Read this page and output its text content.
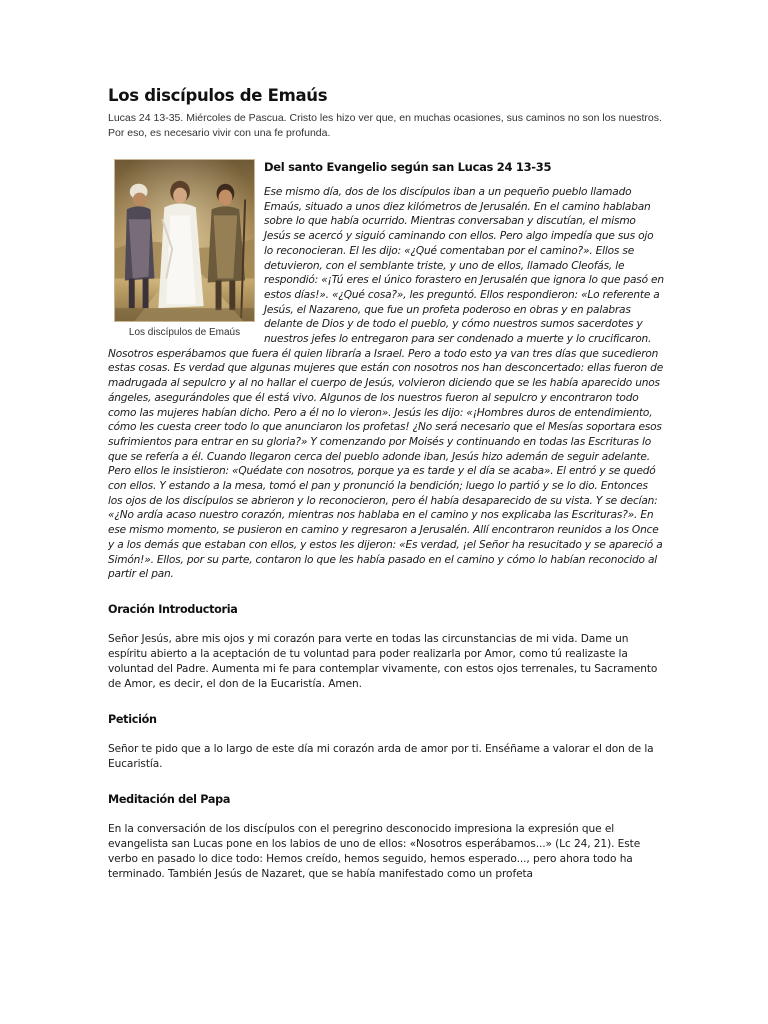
Los discípulos de Emaús

Lucas 24 13-35. Miércoles de Pascua. Cristo les hizo ver que, en muchas ocasiones, sus caminos no son los nuestros. Por eso, es necesario vivir con una fe profunda.

Los discípulos de Emaús
Del santo Evangelio según san Lucas 24 13-35

Ese mismo día, dos de los discípulos iban a un pequeño pueblo llamado Emaús, situado a unos diez kilómetros de Jerusalén. En el camino hablaban sobre lo que había ocurrido. Mientras conversaban y discutían, el mismo Jesús se acercó y siguió caminando con ellos. Pero algo impedía que sus ojo lo reconocieran. El les dijo: «¿Qué comentaban por el camino?». Ellos se detuvieron, con el semblante triste, y uno de ellos, llamado Cleofás, le respondió: «¡Tú eres el único forastero en Jerusalén que ignora lo que pasó en estos días!». «¿Qué cosa?», les preguntó. Ellos respondieron: «Lo referente a Jesús, el Nazareno, que fue un profeta poderoso en obras y en palabras delante de Dios y de todo el pueblo, y cómo nuestros sumos sacerdotes y nuestros jefes lo entregaron para ser condenado a muerte y lo crucificaron. Nosotros esperábamos que fuera él quien libraría a Israel. Pero a todo esto ya van tres días que sucedieron estas cosas. Es verdad que algunas mujeres que están con nosotros nos han desconcertado: ellas fueron de madrugada al sepulcro y al no hallar el cuerpo de Jesús, volvieron diciendo que se les había aparecido unos ángeles, asegurándoles que él está vivo. Algunos de los nuestros fueron al sepulcro y encontraron todo como las mujeres habían dicho. Pero a él no lo vieron». Jesús les dijo: «¡Hombres duros de entendimiento, cómo les cuesta creer todo lo que anunciaron los profetas! ¿No será necesario que el Mesías soportara esos sufrimientos para entrar en su gloria?» Y comenzando por Moisés y continuando en todas las Escrituras lo que se refería a él. Cuando llegaron cerca del pueblo adonde iban, Jesús hizo ademán de seguir adelante. Pero ellos le insistieron: «Quédate con nosotros, porque ya es tarde y el día se acaba». El entró y se quedó con ellos. Y estando a la mesa, tomó el pan y pronunció la bendición; luego lo partió y se lo dio. Entonces los ojos de los discípulos se abrieron y lo reconocieron, pero él había desaparecido de su vista. Y se decían: «¿No ardía acaso nuestro corazón, mientras nos hablaba en el camino y nos explicaba las Escrituras?». En ese mismo momento, se pusieron en camino y regresaron a Jerusalén. Allí encontraron reunidos a los Once y a los demás que estaban con ellos, y estos les dijeron: «Es verdad, ¡el Señor ha resucitado y se apareció a Simón!». Ellos, por su parte, contaron lo que les había pasado en el camino y cómo lo habían reconocido al partir el pan.

Oración Introductoria

Señor Jesús, abre mis ojos y mi corazón para verte en todas las circunstancias de mi vida. Dame un espíritu abierto a la aceptación de tu voluntad para poder realizarla por Amor, como tú realizaste la voluntad del Padre. Aumenta mi fe para contemplar vivamente, con estos ojos terrenales, tu Sacramento de Amor, es decir, el don de la Eucaristía. Amen.

Petición

Señor te pido que a lo largo de este día mi corazón arda de amor por ti. Enséñame a valorar el don de la Eucaristía.

Meditación del Papa

En la conversación de los discípulos con el peregrino desconocido impresiona la expresión que el evangelista san Lucas pone en los labios de uno de ellos: «Nosotros esperábamos...» (Lc 24, 21). Este verbo en pasado lo dice todo: Hemos creído, hemos seguido, hemos esperado..., pero ahora todo ha terminado. También Jesús de Nazaret, que se había manifestado como un profeta
